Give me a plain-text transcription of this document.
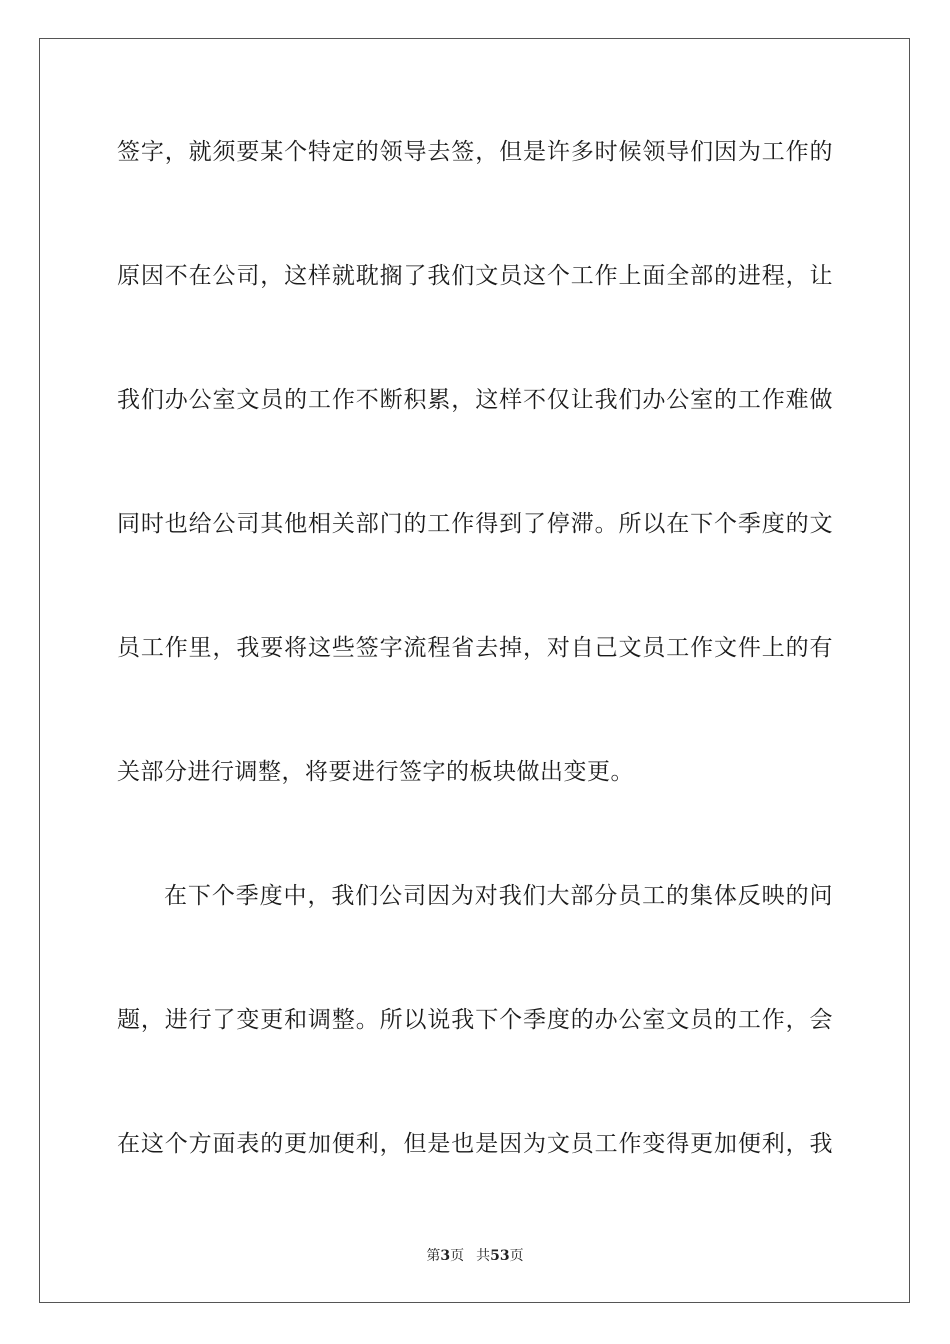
签字，就须要某个特定的领导去签，但是许多时候领导们因为工作的
原因不在公司，这样就耽搁了我们文员这个工作上面全部的进程，让
我们办公室文员的工作不断积累，这样不仅让我们办公室的工作难做
同时也给公司其他相关部门的工作得到了停滞。所以在下个季度的文
员工作里，我要将这些签字流程省去掉，对自己文员工作文件上的有
关部分进行调整，将要进行签字的板块做出变更。
在下个季度中，我们公司因为对我们大部分员工的集体反映的问
题，进行了变更和调整。所以说我下个季度的办公室文员的工作，会
在这个方面表的更加便利，但是也是因为文员工作变得更加便利，我
第3页 共53页
